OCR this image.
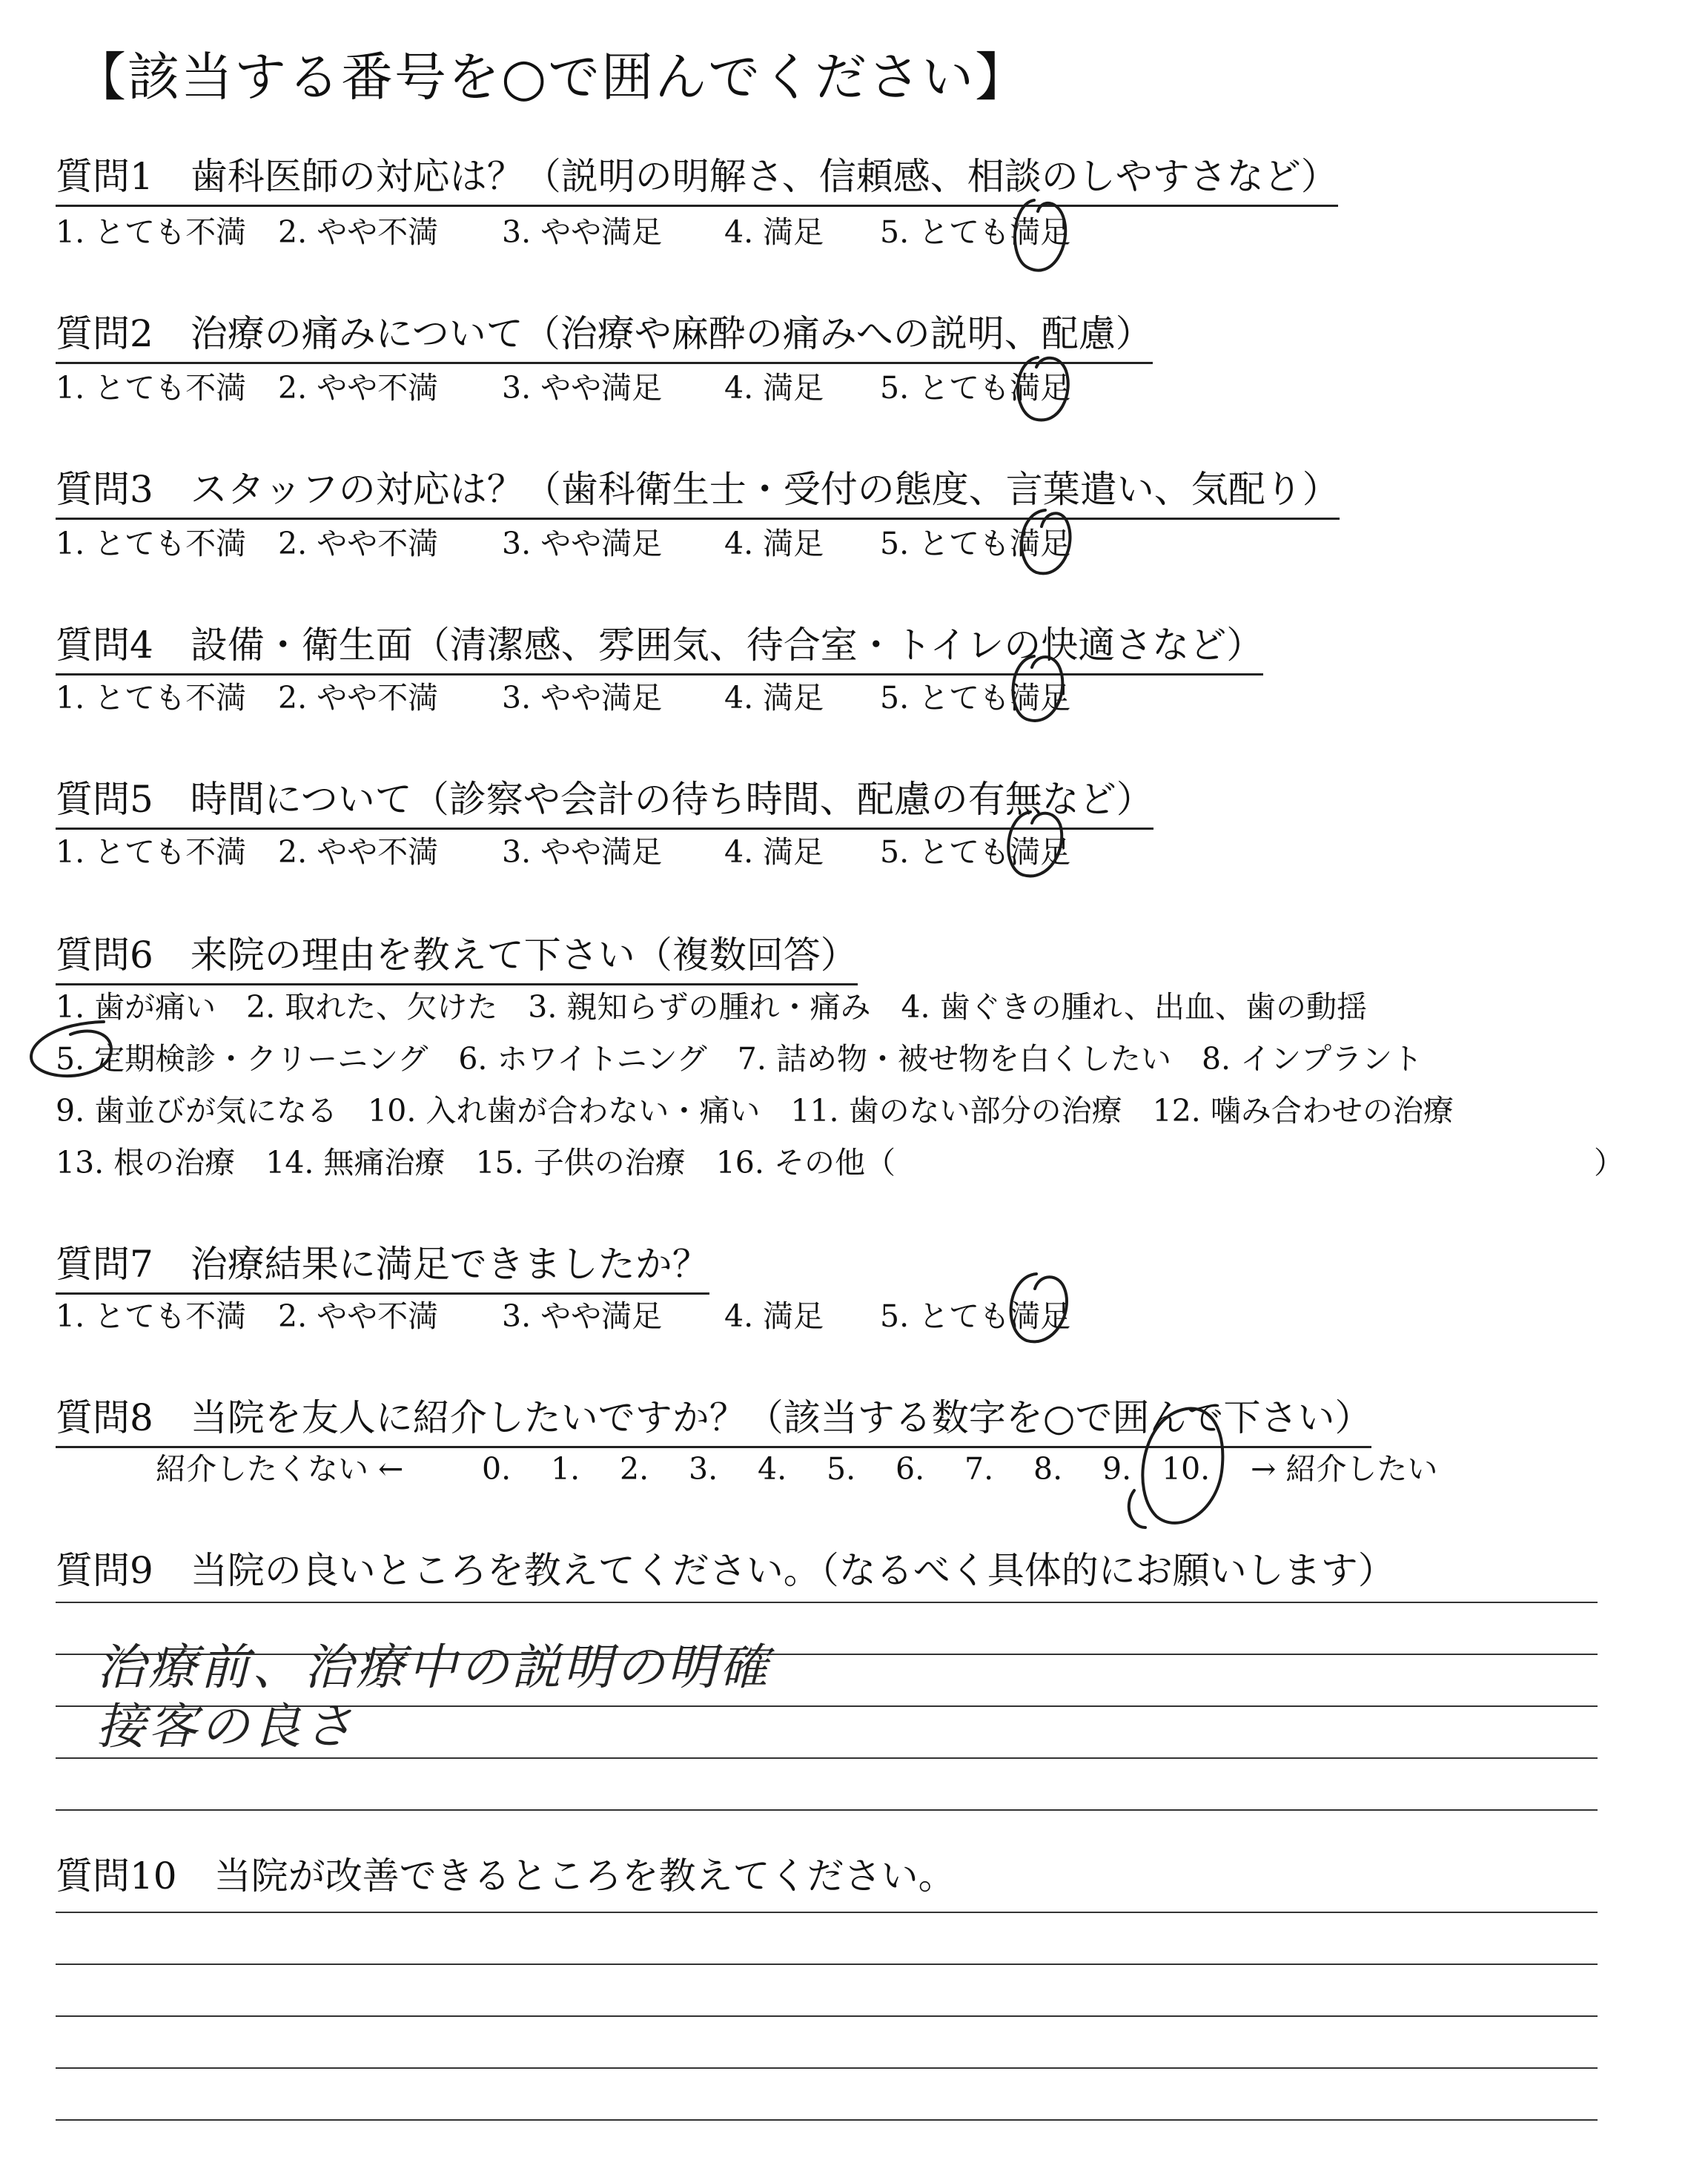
【該当する番号を○で囲んでください】
質問1　歯科医師の対応は？（説明の明解さ、信頼感、相談のしやすさなど）
1. とても不満 2. やや不満 3. やや満足 4. 満足 5. とても満足
質問2　治療の痛みについて（治療や麻酔の痛みへの説明、配慮）
1. とても不満 2. やや不満 3. やや満足 4. 満足 5. とても満足
質問3　スタッフの対応は？（歯科衛生士・受付の態度、言葉遣い、気配り）
1. とても不満 2. やや不満 3. やや満足 4. 満足 5. とても満足
質問4　設備・衛生面（清潔感、雰囲気、待合室・トイレの快適さなど）
1. とても不満 2. やや不満 3. やや満足 4. 満足 5. とても満足
質問5　時間について（診察や会計の待ち時間、配慮の有無など）
1. とても不満 2. やや不満 3. やや満足 4. 満足 5. とても満足
質問6　来院の理由を教えて下さい（複数回答）
1. 歯が痛い　2. 取れた、欠けた　3. 親知らずの腫れ・痛み　4. 歯ぐきの腫れ、出血、歯の動揺
5. 定期検診・クリーニング　6. ホワイトニング　7. 詰め物・被せ物を白くしたい　8. インプラント
9. 歯並びが気になる　10. 入れ歯が合わない・痛い　11. 歯のない部分の治療　12. 噛み合わせの治療
13. 根の治療　14. 無痛治療　15. 子供の治療　16. その他（	）
質問7　治療結果に満足できましたか？
1. とても不満 2. やや不満 3. やや満足 4. 満足 5. とても満足
質問8　当院を友人に紹介したいですか？（該当する数字を○で囲んで下さい）
紹介したくない ←	0. 1. 2. 3. 4. 5. 6. 7. 8. 9. 10. → 紹介したい
質問9　当院の良いところを教えてください。（なるべく具体的にお願いします）
治療前、治療中の説明の明確
接客の良さ
質問10　当院が改善できるところを教えてください。
